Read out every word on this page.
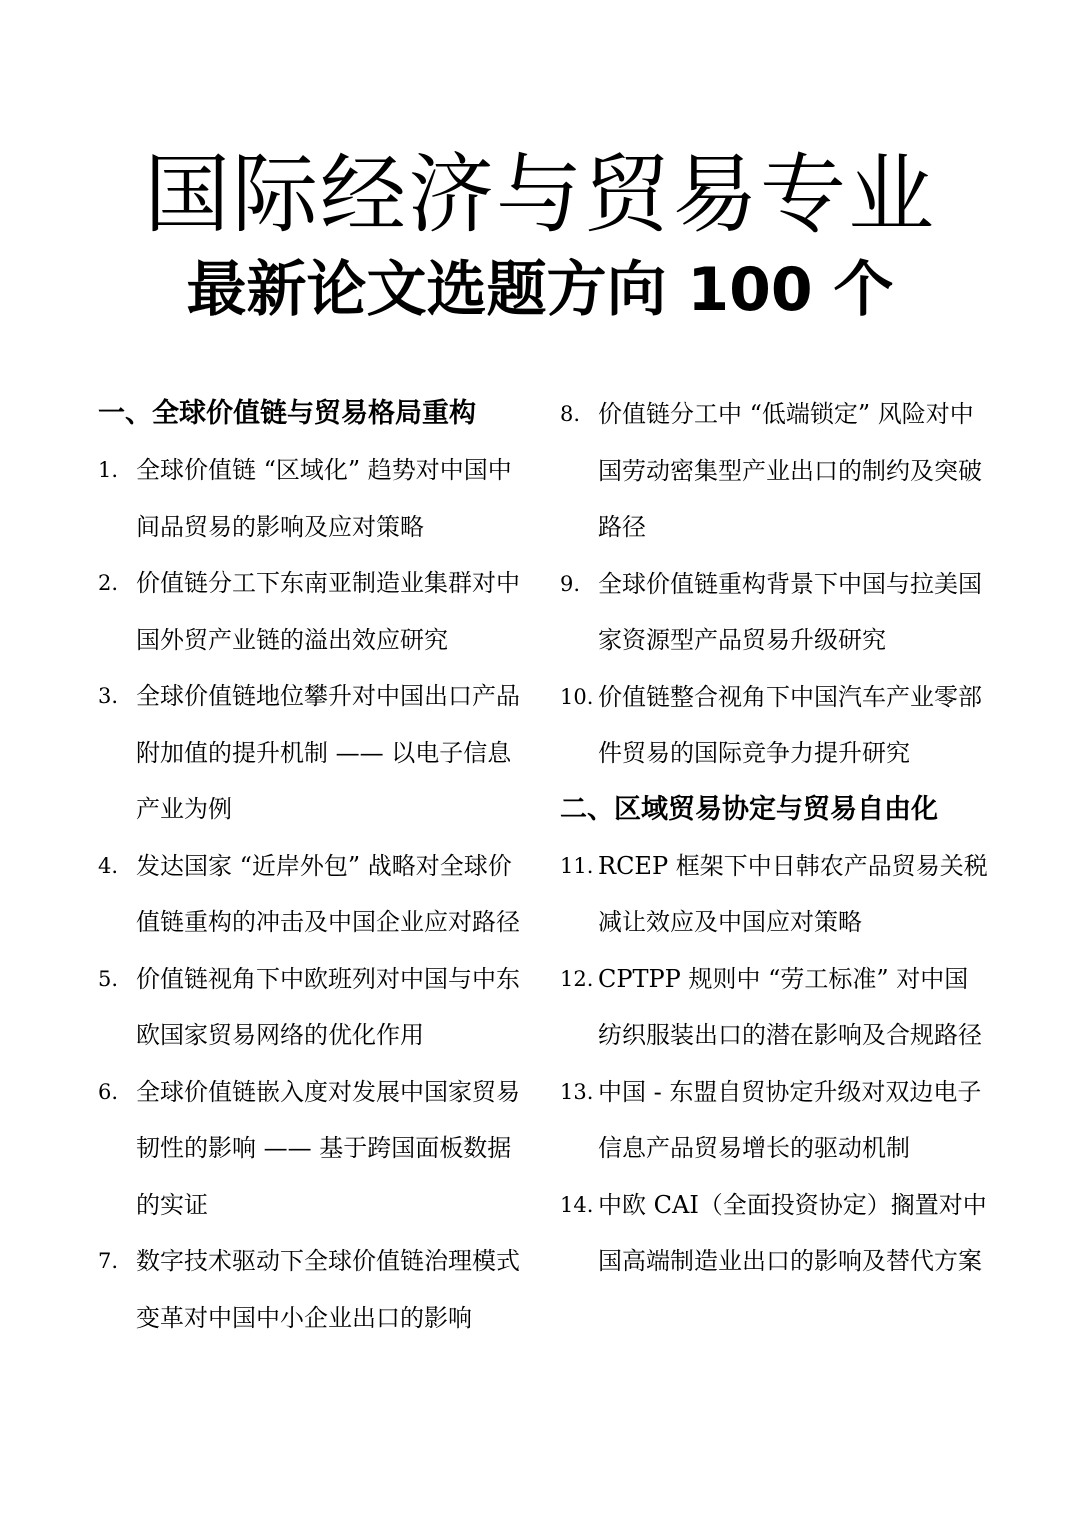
国际经济与贸易专业
最新论文选题方向 100 个
一、全球价值链与贸易格局重构
1. 全球价值链 “区域化” 趋势对中国中间品贸易的影响及应对策略
2. 价值链分工下东南亚制造业集群对中国外贸产业链的溢出效应研究
3. 全球价值链地位攀升对中国出口产品附加值的提升机制 —— 以电子信息产业为例
4. 发达国家 “近岸外包” 战略对全球价值链重构的冲击及中国企业应对路径
5. 价值链视角下中欧班列对中国与中东欧国家贸易网络的优化作用
6. 全球价值链嵌入度对发展中国家贸易韧性的影响 —— 基于跨国面板数据的实证
7. 数字技术驱动下全球价值链治理模式变革对中国中小企业出口的影响
8. 价值链分工中 “低端锁定” 风险对中国劳动密集型产业出口的制约及突破路径
9. 全球价值链重构背景下中国与拉美国家资源型产品贸易升级研究
10. 价值链整合视角下中国汽车产业零部件贸易的国际竞争力提升研究
二、区域贸易协定与贸易自由化
11. RCEP 框架下中日韩农产品贸易关税减让效应及中国应对策略
12. CPTPP 规则中 “劳工标准” 对中国纺织服装出口的潜在影响及合规路径
13. 中国 - 东盟自贸协定升级对双边电子信息产品贸易增长的驱动机制
14. 中欧 CAI（全面投资协定）搁置对中国高端制造业出口的影响及替代方案
